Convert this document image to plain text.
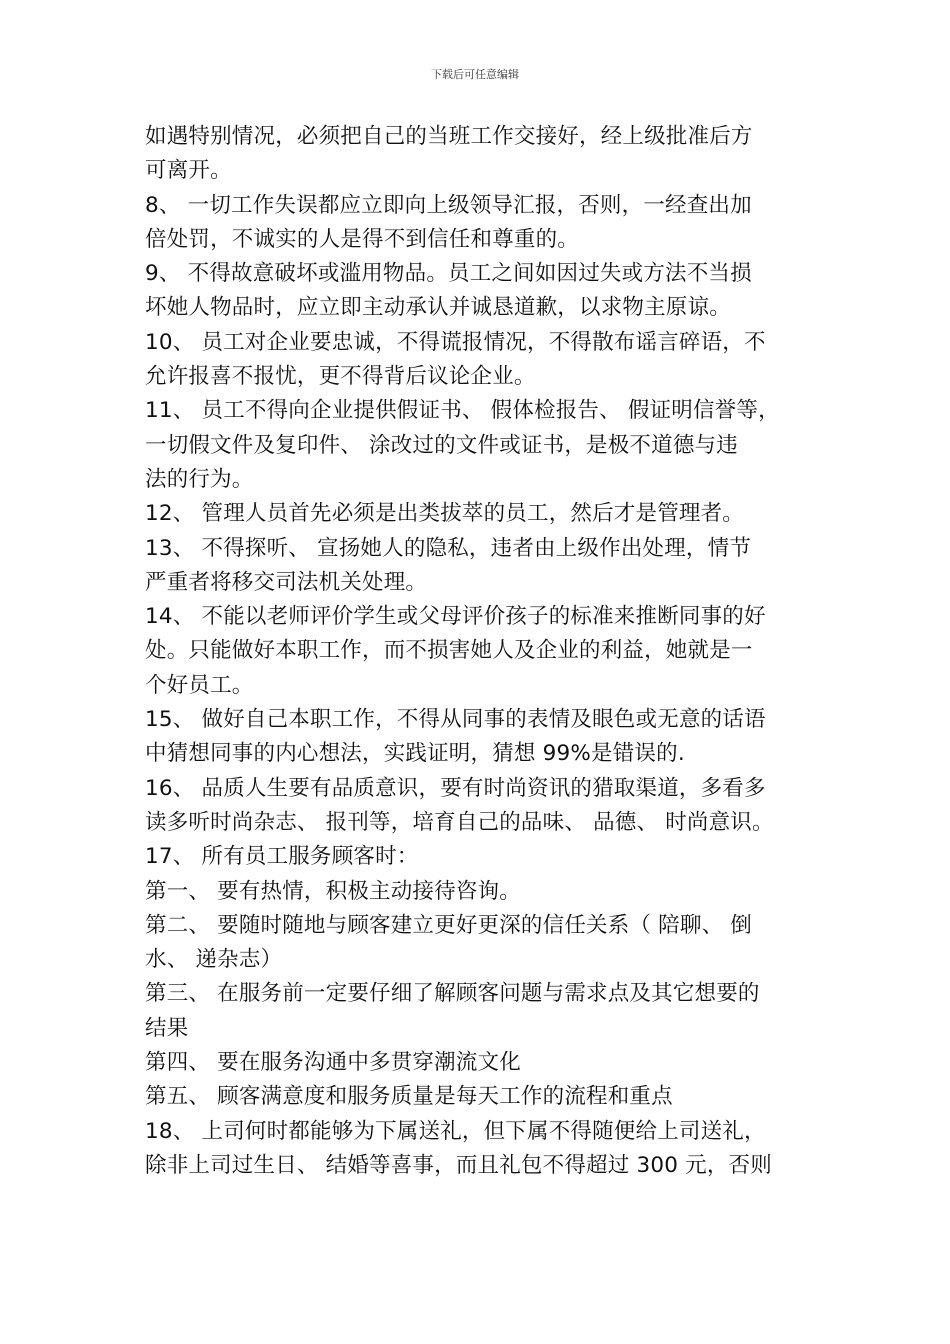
下载后可任意编辑
如遇特别情况，必须把自己的当班工作交接好，经上级批准后方
可离开。
8、 一切工作失误都应立即向上级领导汇报，否则，一经查出加
倍处罚，不诚实的人是得不到信任和尊重的。
9、 不得故意破坏或滥用物品。员工之间如因过失或方法不当损
坏她人物品时，应立即主动承认并诚恳道歉，以求物主原谅。
10、 员工对企业要忠诚，不得谎报情况，不得散布谣言碎语，不
允许报喜不报忧，更不得背后议论企业。
11、 员工不得向企业提供假证书、 假体检报告、 假证明信誉等，
一切假文件及复印件、 涂改过的文件或证书，是极不道德与违
法的行为。
12、 管理人员首先必须是出类拔萃的员工，然后才是管理者。
13、 不得探听、 宣扬她人的隐私，违者由上级作出处理，情节
严重者将移交司法机关处理。
14、 不能以老师评价学生或父母评价孩子的标准来推断同事的好
处。只能做好本职工作，而不损害她人及企业的利益，她就是一
个好员工。
15、 做好自己本职工作，不得从同事的表情及眼色或无意的话语
中猜想同事的内心想法，实践证明，猜想 99%是错误的.
16、 品质人生要有品质意识，要有时尚资讯的猎取渠道，多看多
读多听时尚杂志、 报刊等，培育自己的品味、 品德、 时尚意识。
17、 所有员工服务顾客时：
第一、 要有热情，积极主动接待咨询。
第二、 要随时随地与顾客建立更好更深的信任关系（ 陪聊、 倒
水、 递杂志）
第三、 在服务前一定要仔细了解顾客问题与需求点及其它想要的
结果
第四、 要在服务沟通中多贯穿潮流文化
第五、 顾客满意度和服务质量是每天工作的流程和重点
18、 上司何时都能够为下属送礼，但下属不得随便给上司送礼，
除非上司过生日、 结婚等喜事，而且礼包不得超过 300 元，否则
